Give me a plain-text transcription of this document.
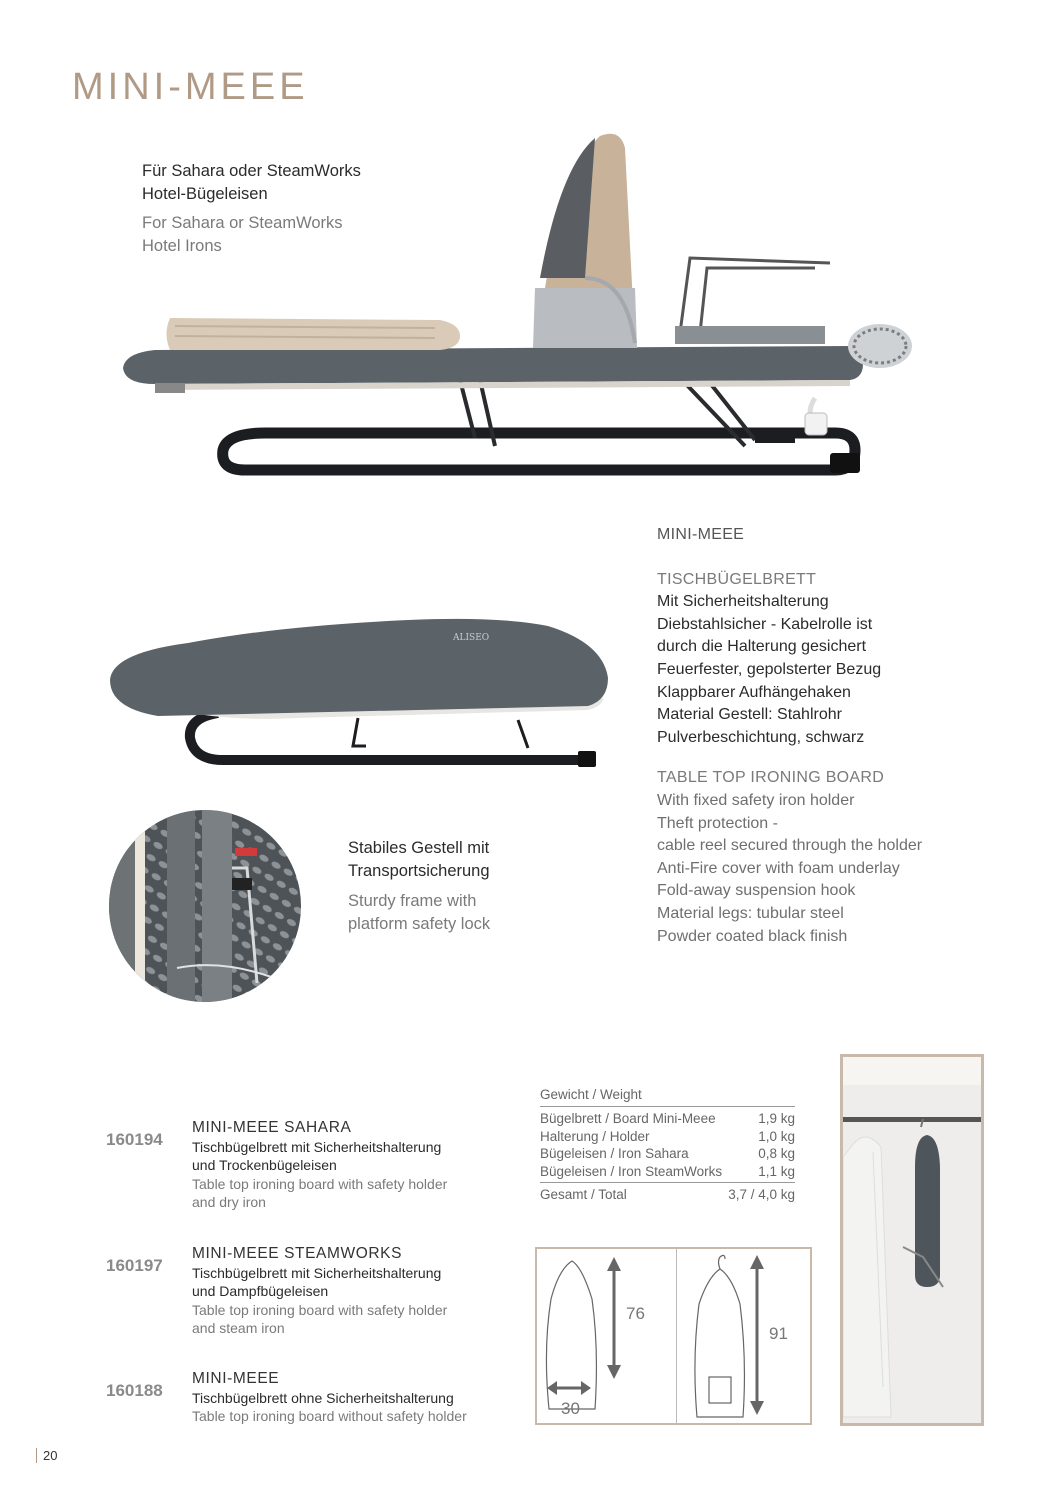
MINI-MEEE
Für Sahara oder SteamWorks
Hotel-Bügeleisen
For Sahara or SteamWorks
Hotel Irons
ALISEO
MINI-MEEE
TISCHBÜGELBRETT
Mit Sicherheitshalterung
Diebstahlsicher - Kabelrolle ist
durch die Halterung gesichert
Feuerfester, gepolsterter Bezug
Klappbarer Aufhängehaken
Material Gestell: Stahlrohr
Pulverbeschichtung, schwarz
TABLE TOP IRONING BOARD
With fixed safety iron holder
Theft protection -
cable reel secured through the holder
Anti-Fire cover with foam underlay
Fold-away suspension hook
Material legs: tubular steel
Powder coated black finish
Stabiles Gestell mit
Transportsicherung
Sturdy frame with
platform safety lock
160194
MINI-MEEE SAHARA
Tischbügelbrett mit Sicherheitshalterung
und Trockenbügeleisen
Table top ironing board with safety holder
and dry iron
160197
MINI-MEEE STEAMWORKS
Tischbügelbrett mit Sicherheitshalterung
und Dampfbügeleisen
Table top ironing board with safety holder
and steam iron
160188
MINI-MEEE
Tischbügelbrett ohne Sicherheitshalterung
Table top ironing board without safety holder
Gewicht / Weight
Bügelbrett / Board Mini-Meee	1,9 kg
Halterung / Holder	1,0 kg
Bügeleisen / Iron Sahara	0,8 kg
Bügeleisen / Iron SteamWorks	1,1 kg
Gesamt / Total	3,7 / 4,0 kg
76
30
91
20
